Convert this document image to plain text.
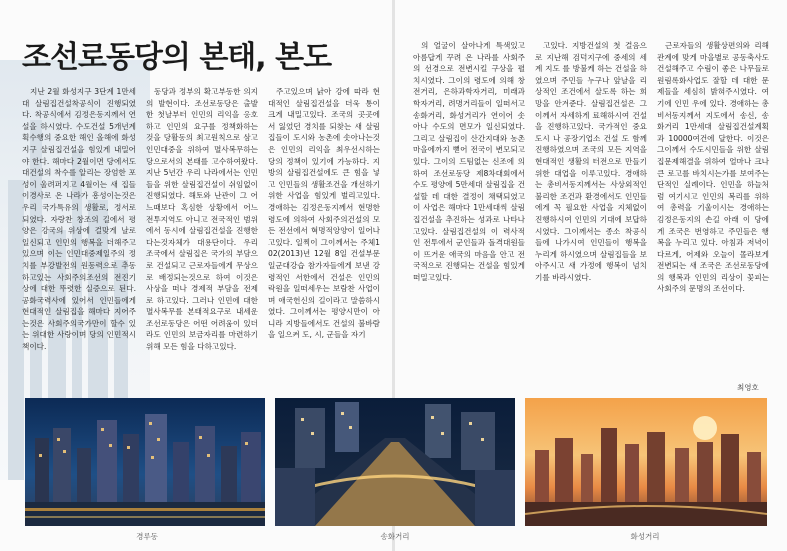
조선로동당의 본태, 본도

지난 2월 화성지구 3단계 1만세대 살림집건설착공식이 진행되였다. 착공식에서 김정은동지께서 연설을 하시였다. 수도건설 5개년계획수행의 중요한 해인 올해에 화성지구 살림집건설을 힘있게 내밀어야 한다. 해마다 2월이면 당에서도 대건설의 착수를 알리는 장엄한 포성이 울려퍼지고 4월이는 새 집들이경사로 온 나라가 흥성이는것은 우리 국가특유의 생활로, 정서로 되였다. 자랑찬 창조의 길에서 평양은 강국의 위상에 걸맞게 날로 일신되고 인민의 행복을 더해주고있으며 이는 인민대중제일주의 정치를 부강발전의 원동력으로 추동하고있는 사회주의조선의 전진기상에 대한 뚜렷한 실증으로 된다. 공화국력사에 있어서 인민들에게 현대적인 살림집을 해마다 지어주는것은 사회주의국가만이 할수 있는 위대한 사랑이며 당의 인민적시책이다.

동당과 정부의 확고부동한 의지의 발현이다. 조선로동당은 출발한 첫날부터 인민의 리익을 옹호하고 인민의 요구를 정책화하는 것을 당활동의 최고원칙으로 삼고 인민대중을 위하여 멸사복무하는 당으로서의 본태를 고수하여왔다. 지난 5년간 우리 나라에서는 인민들을 위한 살림집건설이 쉬임없이 진행되였다. 해토와 난관이 그 어느때보다 혹심한 상황에서 어느 전투지역도 아니고 전국적인 범위에서 동시에 살림집건설을 진행한다는것자체가 대용단이다. 우리 조국에서 살림집은 국가의 부담으로 건설되고 근로자들에게 무상으로 배정되는것으로 하여 이것은 사상을 떠나 경제적 부담을 전제로 하고있다. 그러나 인민에 대한 멸사복무를 본태적요구로 내세운 조선로동당은 어떤 어려움이 있더라도 인민의 보금자리를 마련하기 위해 모든 힘을 다하고있다.

주고있으며 낡아 강에 따라 현대적인 살림집건설을 더욱 통이 크게 내밀고있다. 조국의 곳곳에서 잃었던 경치를 되찾는 새 살림집들이 도시와 농촌에 솟아나는것은 인민의 리익을 최우선시하는 당의 정책이 있기에 가능하다. 지방의 살림집건설에도 큰 힘을 넣고 인민들의 생활조건을 개선하기 위한 사업을 힘있게 벌리고있다. 경애하는 김정은동지께서 현명한 령도에 의하여 사회주의건설의 모든 전선에서 혁명적앙양이 일어나고있다. 일찍이 그이께서는 주체102(2013)년 12월 8일 건설부문일군대강습 참가자들에게 보낸 강령적인 서한에서 건설은 인민의 락원을 일떠세우는 보람찬 사업이며 애국헌신의 길이라고 말씀하시였다. 그이께서는 평양시만이 아니라 지방들에서도 건설의 불바람을 일으켜 도, 시, 군들을 자기

의 얼굴이 살아나게 특색있고 아름답게 꾸려 온 나라를 사회주의 선경으로 전변시킬 구상을 펼치시였다. 그이의 령도에 의해 창전거리, 은하과학자거리, 미래과학자거리, 려명거리들이 일떠서고 송화거리, 화성거리가 연이어 솟아나 수도의 면모가 일신되였다. 그리고 살림집이 산간지대와 농촌마을에까지 뻗어 전국이 변모되고있다. 그이의 드팀없는 신조에 의하여 조선로동당 제8차대회에서 수도 평양에 5만세대 살림집을 건설할 데 대한 결정이 채택되였고 이 사업은 해마다 1만세대씩 살림집건설을 추진하는 성과로 나타나고있다. 살림집건설의 이 력사적인 전투에서 군인들과 돌격대원들이 뜨거운 애국의 마음을 안고 전국적으로 진행되는 건설을 힘있게 떠밀고있다.

고있다. 지방건설의 첫 걸음으로 지난해 검덕지구에 중세의 세계 지도 를 방불케 하는 건설을 하였으며 주민들 누구나 앞날을 리상적인 조건에서 살도록 하는 희망을 안겨준다. 살림집건설은 그이께서 자세하게 료해하시여 건설을 진행하고있다. 국가적인 중요 도시 나 공장기업소 건설 도 함께 진행하였으며 조국의 모든 지역을 현대적인 생활의 터전으로 만들기 위한 대업을 이루고있다. 경애하는 총비서동지께서는 사상외적인 불리한 조건과 환경에서도 인민들에게 꼭 필요한 사업을 지체없이 진행하시여 인민의 기대에 보답하시였다. 그이께서는 종소 착공식들에 나가시여 인민들이 행복을 누리게 하시였으며 살림집들을 보아주시고 새 가정에 행복이 넘치기를 바라시였다.

근로자들의 생활상편의와 리해관계에 맞게 마을별로 공동축사도 건설해주고 수림이 좋은 나무들로 원림록화사업도 잘할 데 대한 문제들을 세심히 밝혀주시였다. 여기에 인민 우에 있다. 경애하는 총비서동지께서 지도에서 송신, 송화거리 1만세대 살림집건설계획과 10000여건에 달한다. 이것은 그이께서 수도시민들을 위한 살림집문제해결을 위하여 얼마나 크나큰 로고를 바치시는가를 보여주는 단적인 실례이다. 인민을 하늘처럼 여기시고 인민의 복리를 위하여 총력을 기울이시는 경애하는 김정은동지의 손길 아래 이 당에게 조국은 번영하고 주민들은 행복을 누리고 있다. 아침과 저녁이 다르게, 어제와 오늘이 몰라보게 전변되는 새 조국은 조선로동당에의 행복과 인민의 리상이 꽃피는 사회주의 문명의 조선이다.

최영호
경루동	송화거리	화성거리
